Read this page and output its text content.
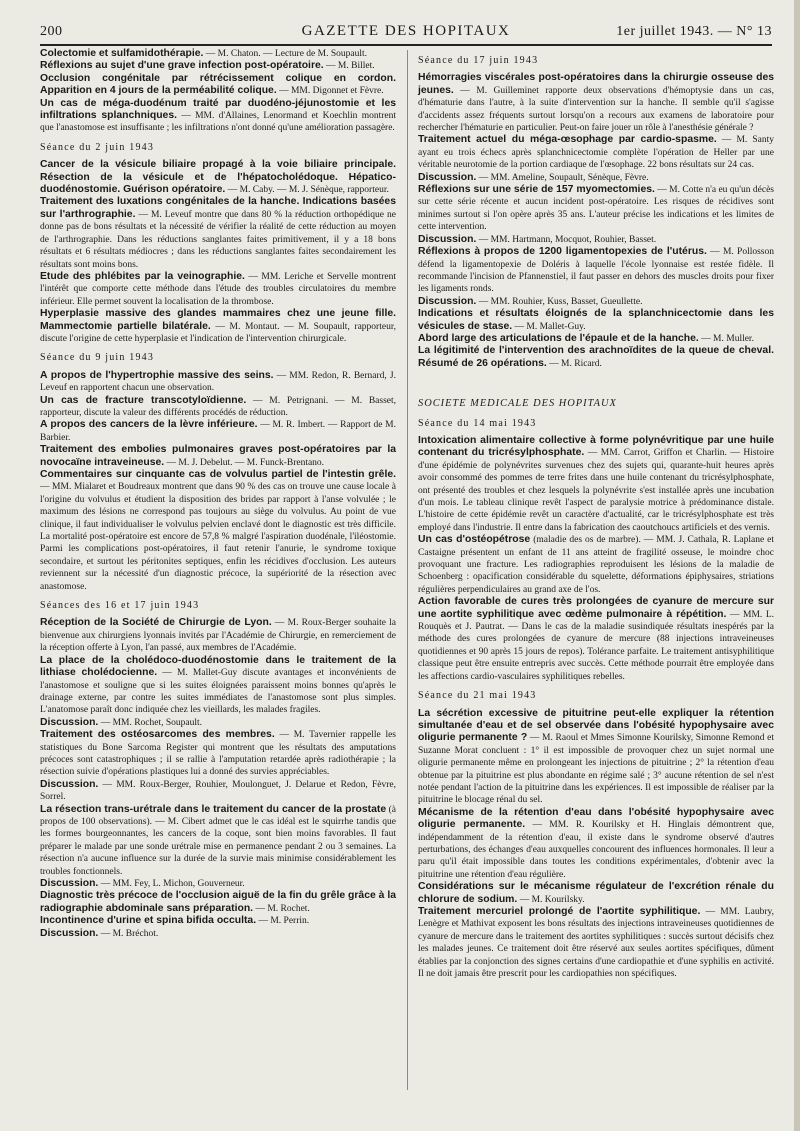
200	GAZETTE DES HOPITAUX	1er juillet 1943. — N° 13

Colectomie et sulfamidothérapie. — M. Chaton. — Lecture de M. Soupault.

Réflexions au sujet d'une grave infection post-opératoire. — M. Billet.

Occlusion congénitale par rétrécissement colique en cordon. Apparition en 4 jours de la perméabilité colique. — MM. Digonnet et Fèvre.

Un cas de méga-duodénum traité par duodéno-jéjunostomie et les infiltrations splanchniques. — MM. d'Allaines, Lenormand et Koechlin montrent que l'anastomose est insuffisante ; les infiltrations n'ont donné qu'une amélioration passagère.

Séance du 2 juin 1943

Cancer de la vésicule biliaire propagé à la voie biliaire principale. Résection de la vésicule et de l'hépatocholédoque. Hépatico-duodénostomie. Guérison opératoire. — M. Caby. — M. J. Sénèque, rapporteur.

Traitement des luxations congénitales de la hanche. Indications basées sur l'arthrographie. — M. Leveuf montre que dans 80 % la réduction orthopédique ne donne pas de bons résultats et la nécessité de vérifier la réalité de cette réduction au moyen de l'arthrographie. Dans les réductions sanglantes faites primitivement, il y a 18 bons résultats et 6 résultats médiocres ; dans les réductions sanglantes faites secondairement les résultats sont moins bons.

Etude des phlébites par la veinographie. — MM. Leriche et Servelle montrent l'intérêt que comporte cette méthode dans l'étude des troubles circulatoires du membre inférieur. Elle permet souvent la localisation de la thrombose.

Hyperplasie massive des glandes mammaires chez une jeune fille. Mammectomie partielle bilatérale. — M. Montaut. — M. Soupault, rapporteur, discute l'origine de cette hyperplasie et l'indication de l'intervention chirurgicale.

Séance du 9 juin 1943

A propos de l'hypertrophie massive des seins. — MM. Redon, R. Bernard, J. Leveuf en rapportent chacun une observation.

Un cas de fracture transcotyloïdienne. — M. Petrignani. — M. Basset, rapporteur, discute la valeur des différents procédés de réduction.

A propos des cancers de la lèvre inférieure. — M. R. Imbert. — Rapport de M. Barbier.

Traitement des embolies pulmonaires graves post-opératoires par la novocaïne intraveineuse. — M. J. Debelut. — M. Funck-Brentano.

Commentaires sur cinquante cas de volvulus partiel de l'intestin grêle. — MM. Mialaret et Boudreaux montrent que dans 90 % des cas on trouve une cause locale à l'origine du volvulus et étudient la disposition des brides par rapport à l'anse volvulée ; le maximum des lésions ne correspond pas toujours au siège du volvulus. Au point de vue clinique, il faut individualiser le volvulus pelvien enclavé dont le diagnostic est très difficile. La mortalité post-opératoire est encore de 57,8 % malgré l'aspiration duodénale, l'iléostomie. Parmi les complications post-opératoires, il faut retenir l'anurie, le syndrome toxique secondaire, et surtout les péritonites septiques, enfin les récidives d'occlusion. Les auteurs reviennent sur la nécessité d'un diagnostic précoce, la supériorité de la résection avec anastomose.

Séances des 16 et 17 juin 1943

Réception de la Société de Chirurgie de Lyon. — M. Roux-Berger souhaite la bienvenue aux chirurgiens lyonnais invités par l'Académie de Chirurgie, en remerciement de la réception offerte à Lyon, l'an passé, aux membres de l'Académie.

La place de la cholédoco-duodénostomie dans le traitement de la lithiase cholédocienne. — M. Mallet-Guy discute avantages et inconvénients de l'anastomose et souligne que si les suites éloignées paraissent moins bonnes qu'après le drainage externe, par contre les suites immédiates de l'anastomose sont plus simples. L'anatomose paraît donc indiquée chez les vieillards, les malades fragiles.

Discussion. — MM. Rochet, Soupault.

Traitement des ostéosarcomes des membres. — M. Tavernier rappelle les statistiques du Bone Sarcoma Register qui montrent que les résultats des amputations précoces sont catastrophiques ; il se rallie à l'amputation retardée après radiothérapie ; la résection suivie d'opérations plastiques lui a donné des survies appréciables.

Discussion. — MM. Roux-Berger, Rouhier, Moulonguet, J. Delarue et Redon, Fèvre, Sorrel.

La résection trans-urétrale dans le traitement du cancer de la prostate (à propos de 100 observations). — M. Cibert admet que le cas idéal est le squirrhe tandis que les formes bourgeonnantes, les cancers de la coque, sont bien moins favorables. Il faut préparer le malade par une sonde urétrale mise en permanence pendant 2 ou 3 semaines. La résection n'a aucune influence sur la durée de la survie mais minimise considérablement les troubles fonctionnels.

Discussion. — MM. Fey, L. Michon, Gouverneur.

Diagnostic très précoce de l'occlusion aiguë de la fin du grêle grâce à la radiographie abdominale sans préparation. — M. Rochet.

Incontinence d'urine et spina bifida occulta. — M. Perrin.

Discussion. — M. Bréchot.

Séance du 17 juin 1943

Hémorragies viscérales post-opératoires dans la chirurgie osseuse des jeunes. — M. Guilleminet rapporte deux observations d'hémoptysie dans un cas, d'hématurie dans l'autre, à la suite d'intervention sur la hanche. Il semble qu'il s'agisse d'accidents assez fréquents surtout lorsqu'on a recours aux examens de laboratoire pour rechercher l'hématurie en particulier. Peut-on faire jouer un rôle à l'anesthésie générale ?

Traitement actuel du méga-œsophage par cardio-spasme. — M. Santy ayant eu trois échecs après splanchnicectomie complète l'opération de Heller par une véritable neurotomie de la portion cardiaque de l'œsophage. 22 bons résultats sur 24 cas.

Discussion. — MM. Ameline, Soupault, Sénèque, Fèvre.

Réflexions sur une série de 157 myomectomies. — M. Cotte n'a eu qu'un décès sur cette série récente et aucun incident post-opératoire. Les risques de récidives sont minimes surtout si l'on opère après 35 ans. L'auteur précise les indications et les limites de cette intervention.

Discussion. — MM. Hartmann, Mocquot, Rouhier, Basset.

Réflexions à propos de 1200 ligamentopexies de l'utérus. — M. Pollosson défend la ligamentopexie de Doléris à laquelle l'école lyonnaise est restée fidèle. Il recommande l'incision de Pfannenstiel, il faut passer en dehors des muscles droits pour fixer les ligaments ronds.

Discussion. — MM. Rouhier, Kuss, Basset, Gueullette.

Indications et résultats éloignés de la splanchnicectomie dans les vésicules de stase. — M. Mallet-Guy.

Abord large des articulations de l'épaule et de la hanche. — M. Muller.

La légitimité de l'intervention des arachnoïdites de la queue de cheval. Résumé de 26 opérations. — M. Ricard.

SOCIETE MEDICALE DES HOPITAUX

Séance du 14 mai 1943

Intoxication alimentaire collective à forme polynévritique par une huile contenant du tricrésylphosphate. — MM. Carrot, Griffon et Charlin. — Histoire d'une épidémie de polynévrites survenues chez des sujets qui, quarante-huit heures après avoir consommé des pommes de terre frites dans une huile contenant du tricrésylphosphate, ont présenté des troubles et chez lesquels la polynévrite s'est installée après une incubation d'un mois. Le tableau clinique revêt l'aspect de paralysie motrice à prédominance distale. L'histoire de cette épidémie revêt un caractère d'actualité, car le tricrésylphosphate est très employé dans l'industrie. Il entre dans la fabrication des caoutchoucs artificiels et des vernis.

Un cas d'ostéopétrose (maladie des os de marbre). — MM. J. Cathala, R. Laplane et Castaigne présentent un enfant de 11 ans atteint de fragilité osseuse, le moindre choc provoquant une fracture. Les radiographies reproduisent les lésions de la maladie de Schoenberg : opacification considérable du squelette, déformations épiphysaires, striations régulières perpendiculaires au grand axe de l'os.

Action favorable de cures très prolongées de cyanure de mercure sur une aortite syphilitique avec œdème pulmonaire à répétition. — MM. L. Rouquès et J. Pautrat. — Dans le cas de la maladie susindiquée résultats inespérés par la méthode des cures prolongées de cyanure de mercure (88 injections intraveineuses quotidiennes et 90 après 15 jours de repos). Tolérance parfaite. Le traitement antisyphilitique classique peut être ensuite entrepris avec succès. Cette méthode pourrait être employée dans les affections cardio-vasculaires syphilitiques rebelles.

Séance du 21 mai 1943

La sécrétion excessive de pituitrine peut-elle expliquer la rétention simultanée d'eau et de sel observée dans l'obésité hypophysaire avec oligurie permanente ? — M. Raoul et Mmes Simonne Kourilsky, Simonne Remond et Suzanne Morat concluent : 1° il est impossible de provoquer chez un sujet normal une oligurie permanente même en prolongeant les injections de pituitrine ; 2° la rétention d'eau obtenue par la pituitrine est plus abondante en régime salé ; 3° aucune rétention de sel n'est notée pendant l'action de la pituitrine dans les expériences. Il est impossible de réaliser par la pituitrine le blocage rénal du sel.

Mécanisme de la rétention d'eau dans l'obésité hypophysaire avec oligurie permanente. — MM. R. Kourilsky et H. Hinglais démontrent que, indépendamment de la rétention d'eau, il existe dans le syndrome observé d'autres perturbations, des échanges d'eau auxquelles concourent des influences hormonales. Il leur a paru qu'il était impossible dans toutes les conditions expérimentales, d'obtenir avec la pituitrine une rétention d'eau régulière.

Considérations sur le mécanisme régulateur de l'excrétion rénale du chlorure de sodium. — M. Kourilsky.

Traitement mercuriel prolongé de l'aortite syphilitique. — MM. Laubry, Lenègre et Mathivat exposent les bons résultats des injections intraveineuses quotidiennes de cyanure de mercure dans le traitement des aortites syphilitiques : succès surtout décisifs chez les malades jeunes. Ce traitement doit être réservé aux seules aortites spécifiques, dûment établies par la conjonction des signes certains d'une cardiopathie et d'une syphilis en activité. Il ne doit jamais être prescrit pour les cardiopathies non spécifiques.
